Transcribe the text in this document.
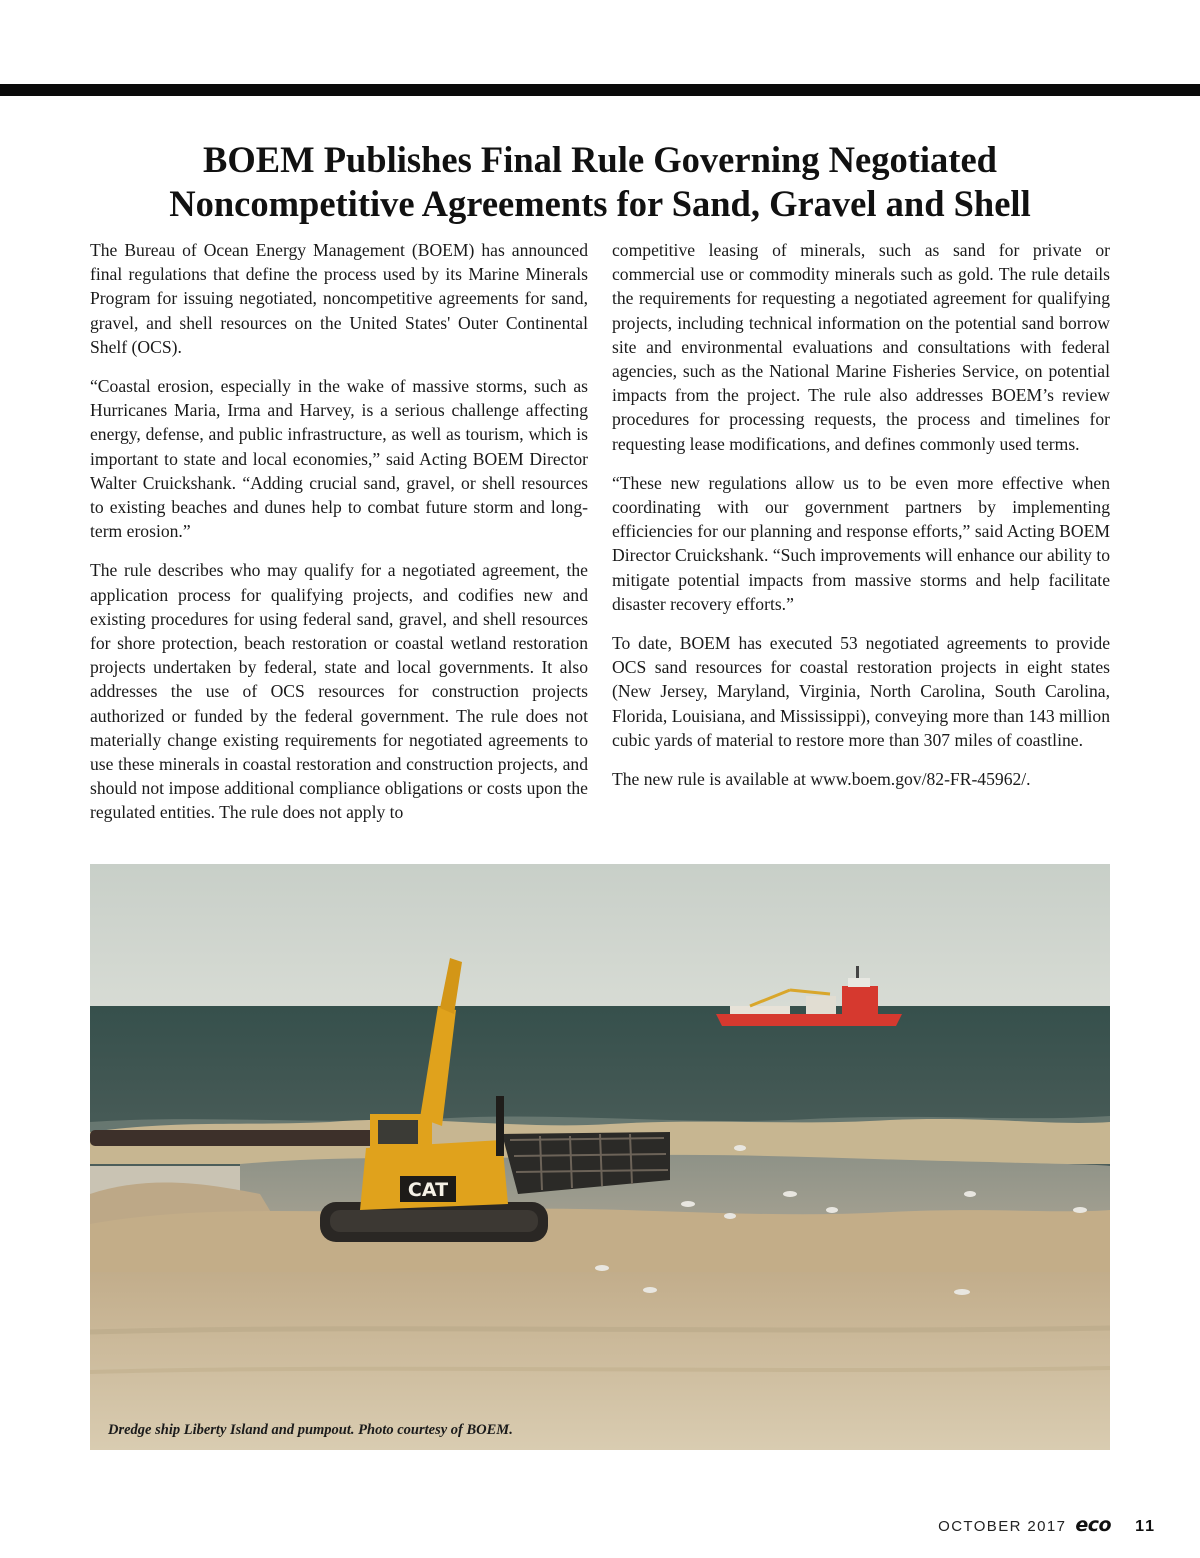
BOEM Publishes Final Rule Governing Negotiated
Noncompetitive Agreements for Sand, Gravel and Shell

The Bureau of Ocean Energy Management (BOEM) has announced final regulations that define the process used by its Marine Minerals Program for issuing negotiated, noncompetitive agreements for sand, gravel, and shell resources on the United States' Outer Continental Shelf (OCS).

“Coastal erosion, especially in the wake of massive storms, such as Hurricanes Maria, Irma and Harvey, is a serious challenge affecting energy, defense, and public infrastructure, as well as tourism, which is important to state and local economies,” said Acting BOEM Director Walter Cruickshank. “Adding crucial sand, gravel, or shell resources to existing beaches and dunes help to combat future storm and long-term erosion.”

The rule describes who may qualify for a negotiated agreement, the application process for qualifying projects, and codifies new and existing procedures for using federal sand, gravel, and shell resources for shore protection, beach restoration or coastal wetland restoration projects undertaken by federal, state and local governments. It also addresses the use of OCS resources for construction projects authorized or funded by the federal government. The rule does not materially change existing requirements for negotiated agreements to use these minerals in coastal restoration and construction projects, and should not impose additional compliance obligations or costs upon the regulated entities. The rule does not apply to

competitive leasing of minerals, such as sand for private or commercial use or commodity minerals such as gold. The rule details the requirements for requesting a negotiated agreement for qualifying projects, including technical information on the potential sand borrow site and environmental evaluations and consultations with federal agencies, such as the National Marine Fisheries Service, on potential impacts from the project. The rule also addresses BOEM’s review procedures for processing requests, the process and timelines for requesting lease modifications, and defines commonly used terms.

“These new regulations allow us to be even more effective when coordinating with our government partners by implementing efficiencies for our planning and response efforts,” said Acting BOEM Director Cruickshank. “Such improvements will enhance our ability to mitigate potential impacts from massive storms and help facilitate disaster recovery efforts.”

To date, BOEM has executed 53 negotiated agreements to provide OCS sand resources for coastal restoration projects in eight states (New Jersey, Maryland, Virginia, North Carolina, South Carolina, Florida, Louisiana, and Mississippi), conveying more than 143 million cubic yards of material to restore more than 307 miles of coastline.

The new rule is available at www.boem.gov/82-FR-45962/.

CAT

Dredge ship Liberty Island and pumpout. Photo courtesy of BOEM.

OCTOBER 2017 eco 11
